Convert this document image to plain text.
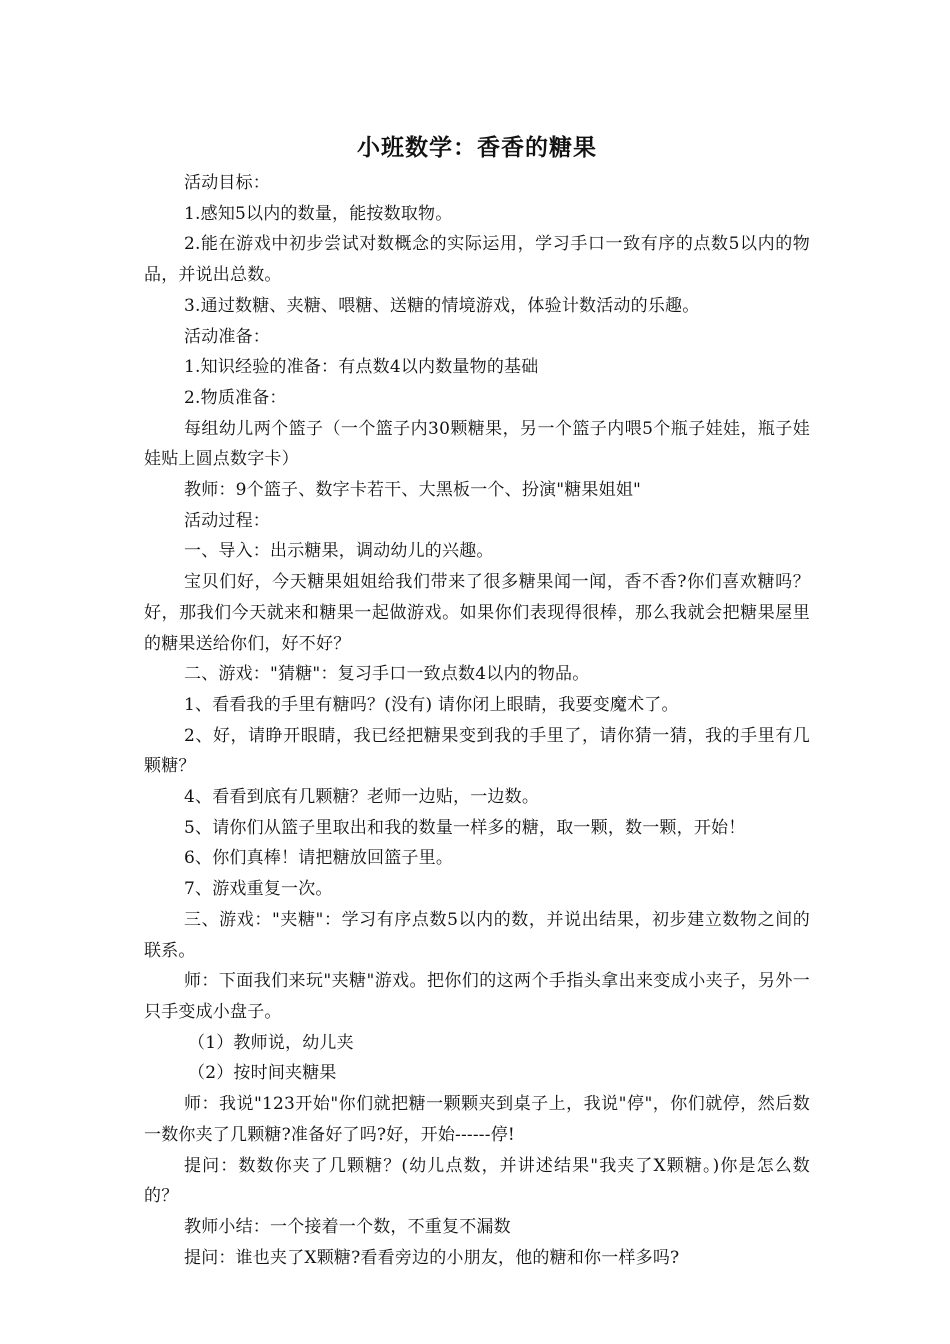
小班数学：香香的糖果

活动目标：

1.感知5以内的数量，能按数取物。

2.能在游戏中初步尝试对数概念的实际运用，学习手口一致有序的点数5以内的物品，并说出总数。

3.通过数糖、夹糖、喂糖、送糖的情境游戏，体验计数活动的乐趣。

活动准备：

1.知识经验的准备：有点数4以内数量物的基础

2.物质准备：

每组幼儿两个篮子（一个篮子内30颗糖果，另一个篮子内喂5个瓶子娃娃，瓶子娃娃贴上圆点数字卡）

教师：9个篮子、数字卡若干、大黑板一个、扮演"糖果姐姐"

活动过程：

一、导入：出示糖果，调动幼儿的兴趣。

宝贝们好，今天糖果姐姐给我们带来了很多糖果闻一闻，香不香?你们喜欢糖吗？好，那我们今天就来和糖果一起做游戏。如果你们表现得很棒，那么我就会把糖果屋里的糖果送给你们，好不好？

二、游戏："猜糖"：复习手口一致点数4以内的物品。

1、看看我的手里有糖吗？(没有) 请你闭上眼睛，我要变魔术了。

2、好，请睁开眼睛，我已经把糖果变到我的手里了，请你猜一猜，我的手里有几颗糖？

4、看看到底有几颗糖？老师一边贴，一边数。

5、请你们从篮子里取出和我的数量一样多的糖，取一颗，数一颗，开始！

6、你们真棒！请把糖放回篮子里。

7、游戏重复一次。

三、游戏："夹糖"：学习有序点数5以内的数，并说出结果，初步建立数物之间的联系。

师：下面我们来玩"夹糖"游戏。把你们的这两个手指头拿出来变成小夹子，另外一只手变成小盘子。

（1）教师说，幼儿夹

（2）按时间夹糖果

师：我说"123开始"你们就把糖一颗颗夹到桌子上，我说"停"，你们就停，然后数一数你夹了几颗糖?准备好了吗?好，开始------停!

提问：数数你夹了几颗糖？(幼儿点数，并讲述结果"我夹了X颗糖。)你是怎么数的？

教师小结：一个接着一个数，不重复不漏数

提问：谁也夹了X颗糖?看看旁边的小朋友，他的糖和你一样多吗?
